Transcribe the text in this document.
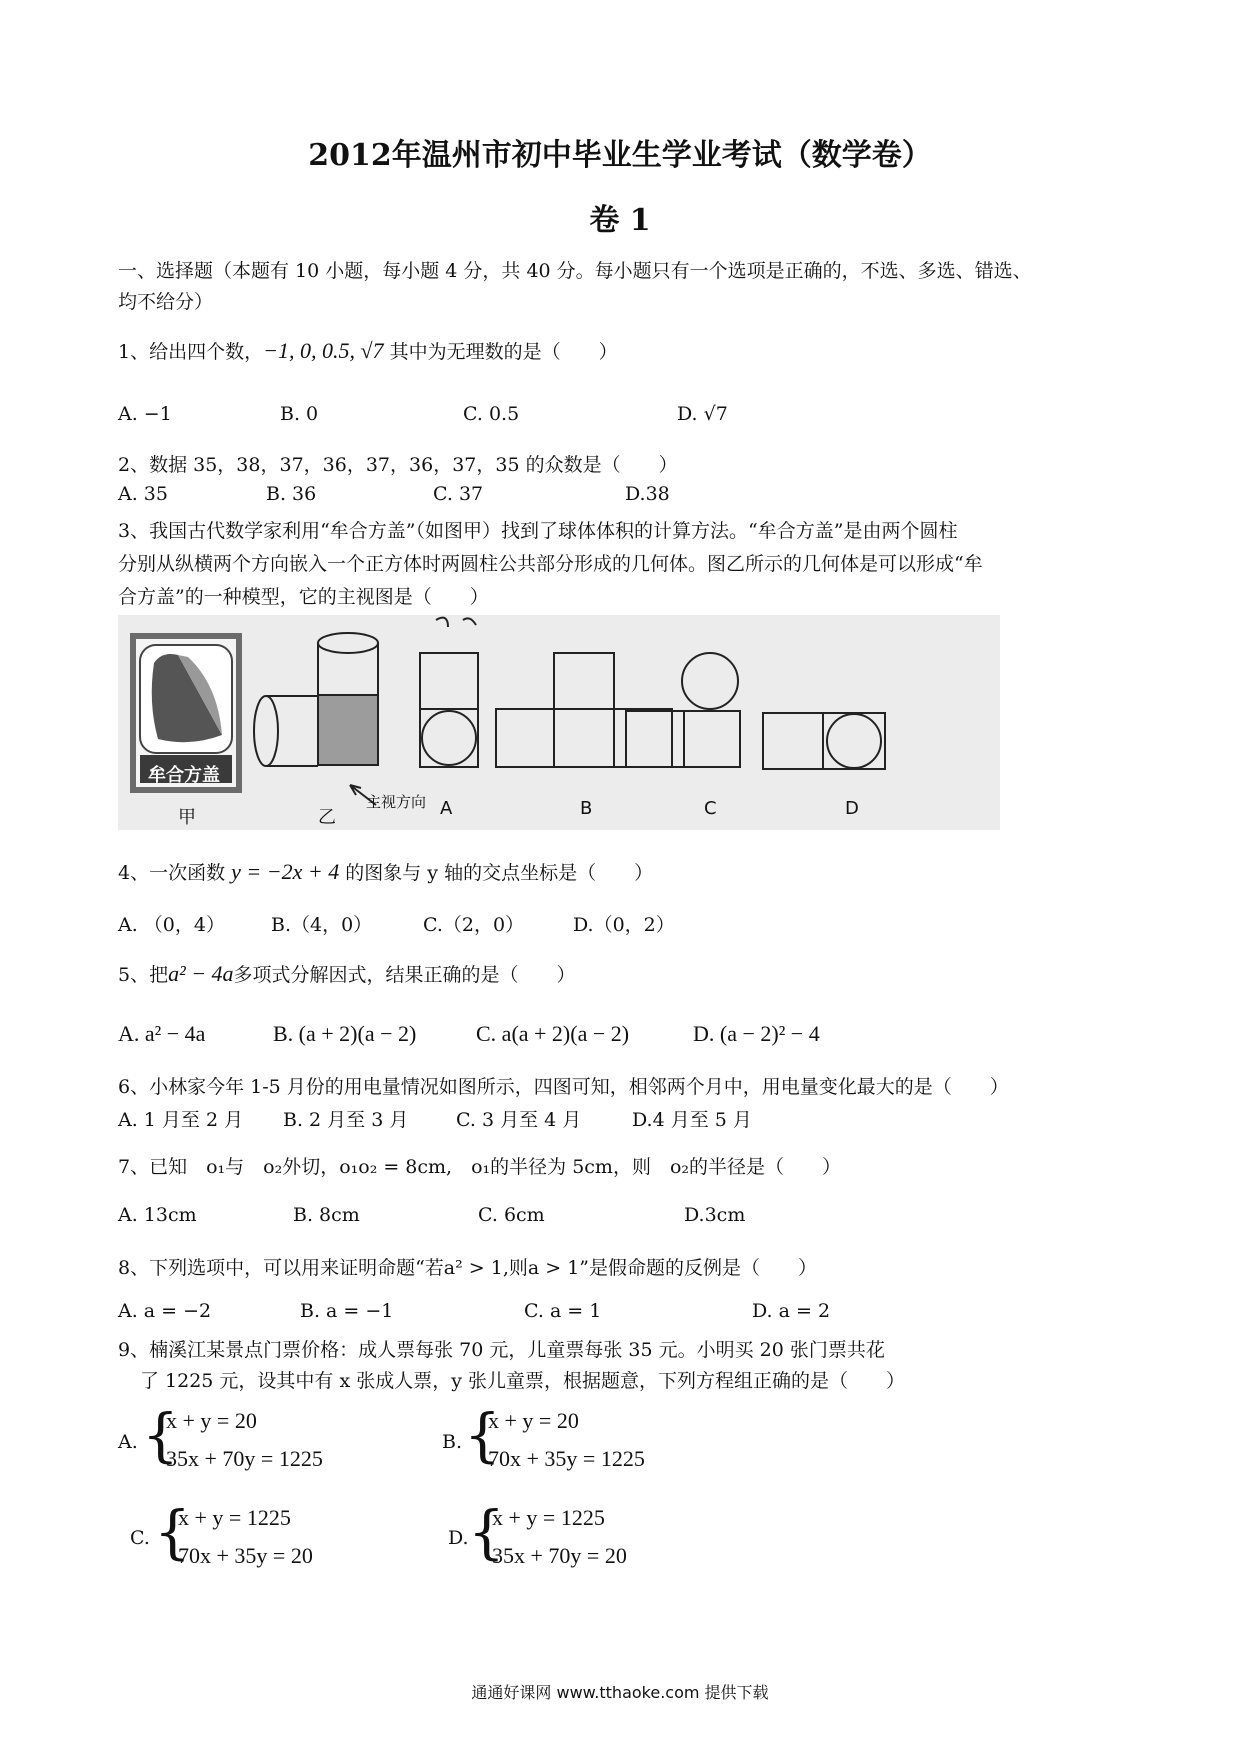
2012年温州市初中毕业生学业考试（数学卷）
卷 1
一、选择题（本题有 10 小题，每小题 4 分，共 40 分。每小题只有一个选项是正确的，不选、多选、错选、
均不给分）
1、给出四个数，−1, 0, 0.5, √7 其中为无理数的是（　　）
A. −1	B. 0	C. 0.5	D. √7
2、数据 35，38，37，36，37，36，37，35 的众数是（　　）
A. 35	B. 36	C. 37	D.38
3、我国古代数学家利用“牟合方盖”（如图甲）找到了球体体积的计算方法。“牟合方盖”是由两个圆柱
分别从纵横两个方向嵌入一个正方体时两圆柱公共部分形成的几何体。图乙所示的几何体是可以形成“牟
合方盖”的一种模型，它的主视图是（　　）
牟合方盖
主视方向
甲	乙	A	B	C	D
4、一次函数 y = −2x + 4 的图象与 y 轴的交点坐标是（　　）
A. （0，4） B.（4，0）	C.（2，0）	D.（0，2）
5、把a² − 4a多项式分解因式，结果正确的是（　　）
A. a² − 4a	B. (a + 2)(a − 2)	C. a(a + 2)(a − 2)	D. (a − 2)² − 4
6、小林家今年 1-5 月份的用电量情况如图所示，四图可知，相邻两个月中，用电量变化最大的是（　　）
A. 1 月至 2 月 B. 2 月至 3 月	C. 3 月至 4 月	D.4 月至 5 月
7、已知　o₁与　o₂外切，o₁o₂ = 8cm,　o₁的半径为 5cm，则　o₂的半径是（　　）
A. 13cm	B. 8cm	C. 6cm	D.3cm
8、下列选项中，可以用来证明命题“若a² > 1,则a > 1”是假命题的反例是（　　）
A. a = −2	B. a = −1	C. a = 1	D. a = 2
9、楠溪江某景点门票价格：成人票每张 70 元，儿童票每张 35 元。小明买 20 张门票共花
了 1225 元，设其中有 x 张成人票，y 张儿童票，根据题意，下列方程组正确的是（　　）
A. {
x + y = 20
35x + 70y = 1225
B. {
x + y = 20
70x + 35y = 1225
C. {
x + y = 1225
70x + 35y = 20
D. {
x + y = 1225
35x + 70y = 20
通通好课网 www.tthaoke.com 提供下载
